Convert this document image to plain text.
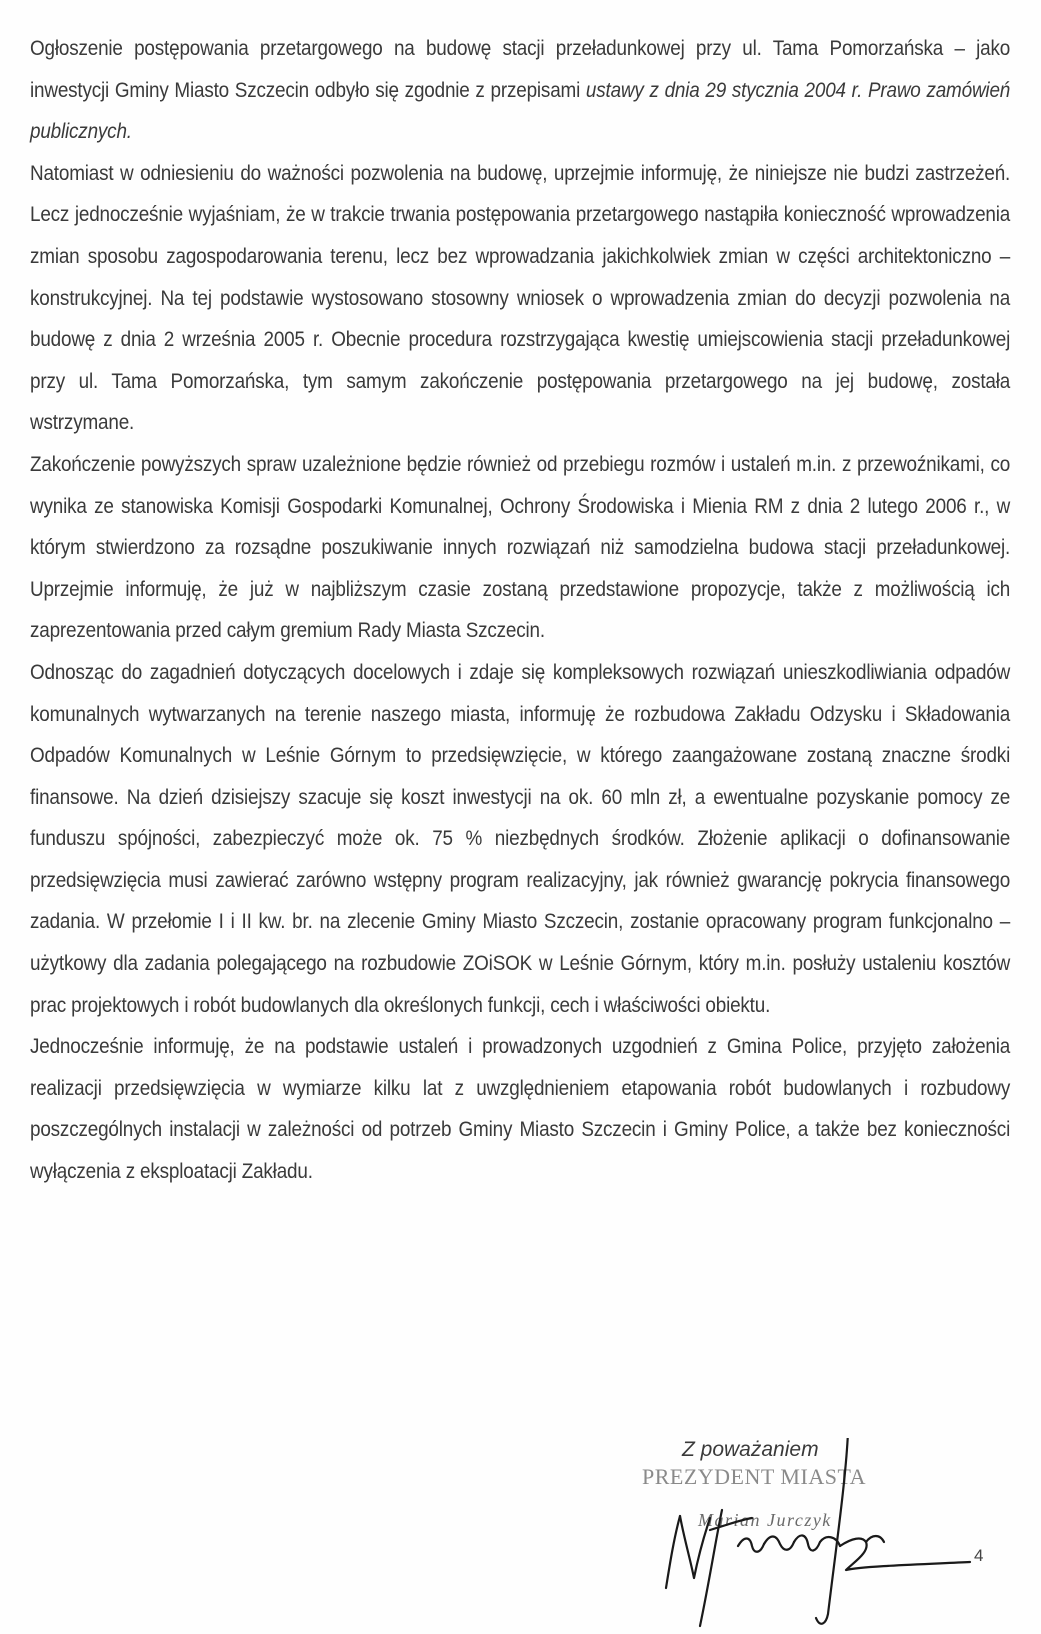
Ogłoszenie postępowania przetargowego na budowę stacji przeładunkowej przy ul. Tama Pomorzańska – jako inwestycji Gminy Miasto Szczecin odbyło się zgodnie z przepisami ustawy z dnia 29 stycznia 2004 r. Prawo zamówień publicznych.

Natomiast w odniesieniu do ważności pozwolenia na budowę, uprzejmie informuję, że niniejsze nie budzi zastrzeżeń. Lecz jednocześnie wyjaśniam, że w trakcie trwania postępowania przetargowego nastąpiła konieczność wprowadzenia zmian sposobu zagospodarowania terenu, lecz bez wprowadzania jakichkolwiek zmian w części architektoniczno – konstrukcyjnej. Na tej podstawie wystosowano stosowny wniosek o wprowadzenia zmian do decyzji pozwolenia na budowę z dnia 2 września 2005 r. Obecnie procedura rozstrzygająca kwestię umiejscowienia stacji przeładunkowej przy ul. Tama Pomorzańska, tym samym zakończenie postępowania przetargowego na jej budowę, została wstrzymane.

Zakończenie powyższych spraw uzależnione będzie również od przebiegu rozmów i ustaleń m.in. z przewoźnikami, co wynika ze stanowiska Komisji Gospodarki Komunalnej, Ochrony Środowiska i Mienia RM z dnia 2 lutego 2006 r., w którym stwierdzono za rozsądne poszukiwanie innych rozwiązań niż samodzielna budowa stacji przeładunkowej. Uprzejmie informuję, że już w najbliższym czasie zostaną przedstawione propozycje, także z możliwością ich zaprezentowania przed całym gremium Rady Miasta Szczecin.

Odnosząc do zagadnień dotyczących docelowych i zdaje się kompleksowych rozwiązań unieszkodliwiania odpadów komunalnych wytwarzanych na terenie naszego miasta, informuję że rozbudowa Zakładu Odzysku i Składowania Odpadów Komunalnych w Leśnie Górnym to przedsięwzięcie, w którego zaangażowane zostaną znaczne środki finansowe. Na dzień dzisiejszy szacuje się koszt inwestycji na ok. 60 mln zł, a ewentualne pozyskanie pomocy ze funduszu spójności, zabezpieczyć może ok. 75 % niezbędnych środków. Złożenie aplikacji o dofinansowanie przedsięwzięcia musi zawierać zarówno wstępny program realizacyjny, jak również gwarancję pokrycia finansowego zadania. W przełomie I i II kw. br. na zlecenie Gminy Miasto Szczecin, zostanie opracowany program funkcjonalno – użytkowy dla zadania polegającego na rozbudowie ZOiSOK w Leśnie Górnym, który m.in. posłuży ustaleniu kosztów prac projektowych i robót budowlanych dla określonych funkcji, cech i właściwości obiektu.

Jednocześnie informuję, że na podstawie ustaleń i prowadzonych uzgodnień z Gmina Police, przyjęto założenia realizacji przedsięwzięcia w wymiarze kilku lat z uwzględnieniem etapowania robót budowlanych i rozbudowy poszczególnych instalacji w zależności od potrzeb Gminy Miasto Szczecin i Gminy Police, a także bez konieczności wyłączenia z eksploatacji Zakładu.

Z poważaniem
PREZYDENT MIASTA
Marian Jurczyk
4
